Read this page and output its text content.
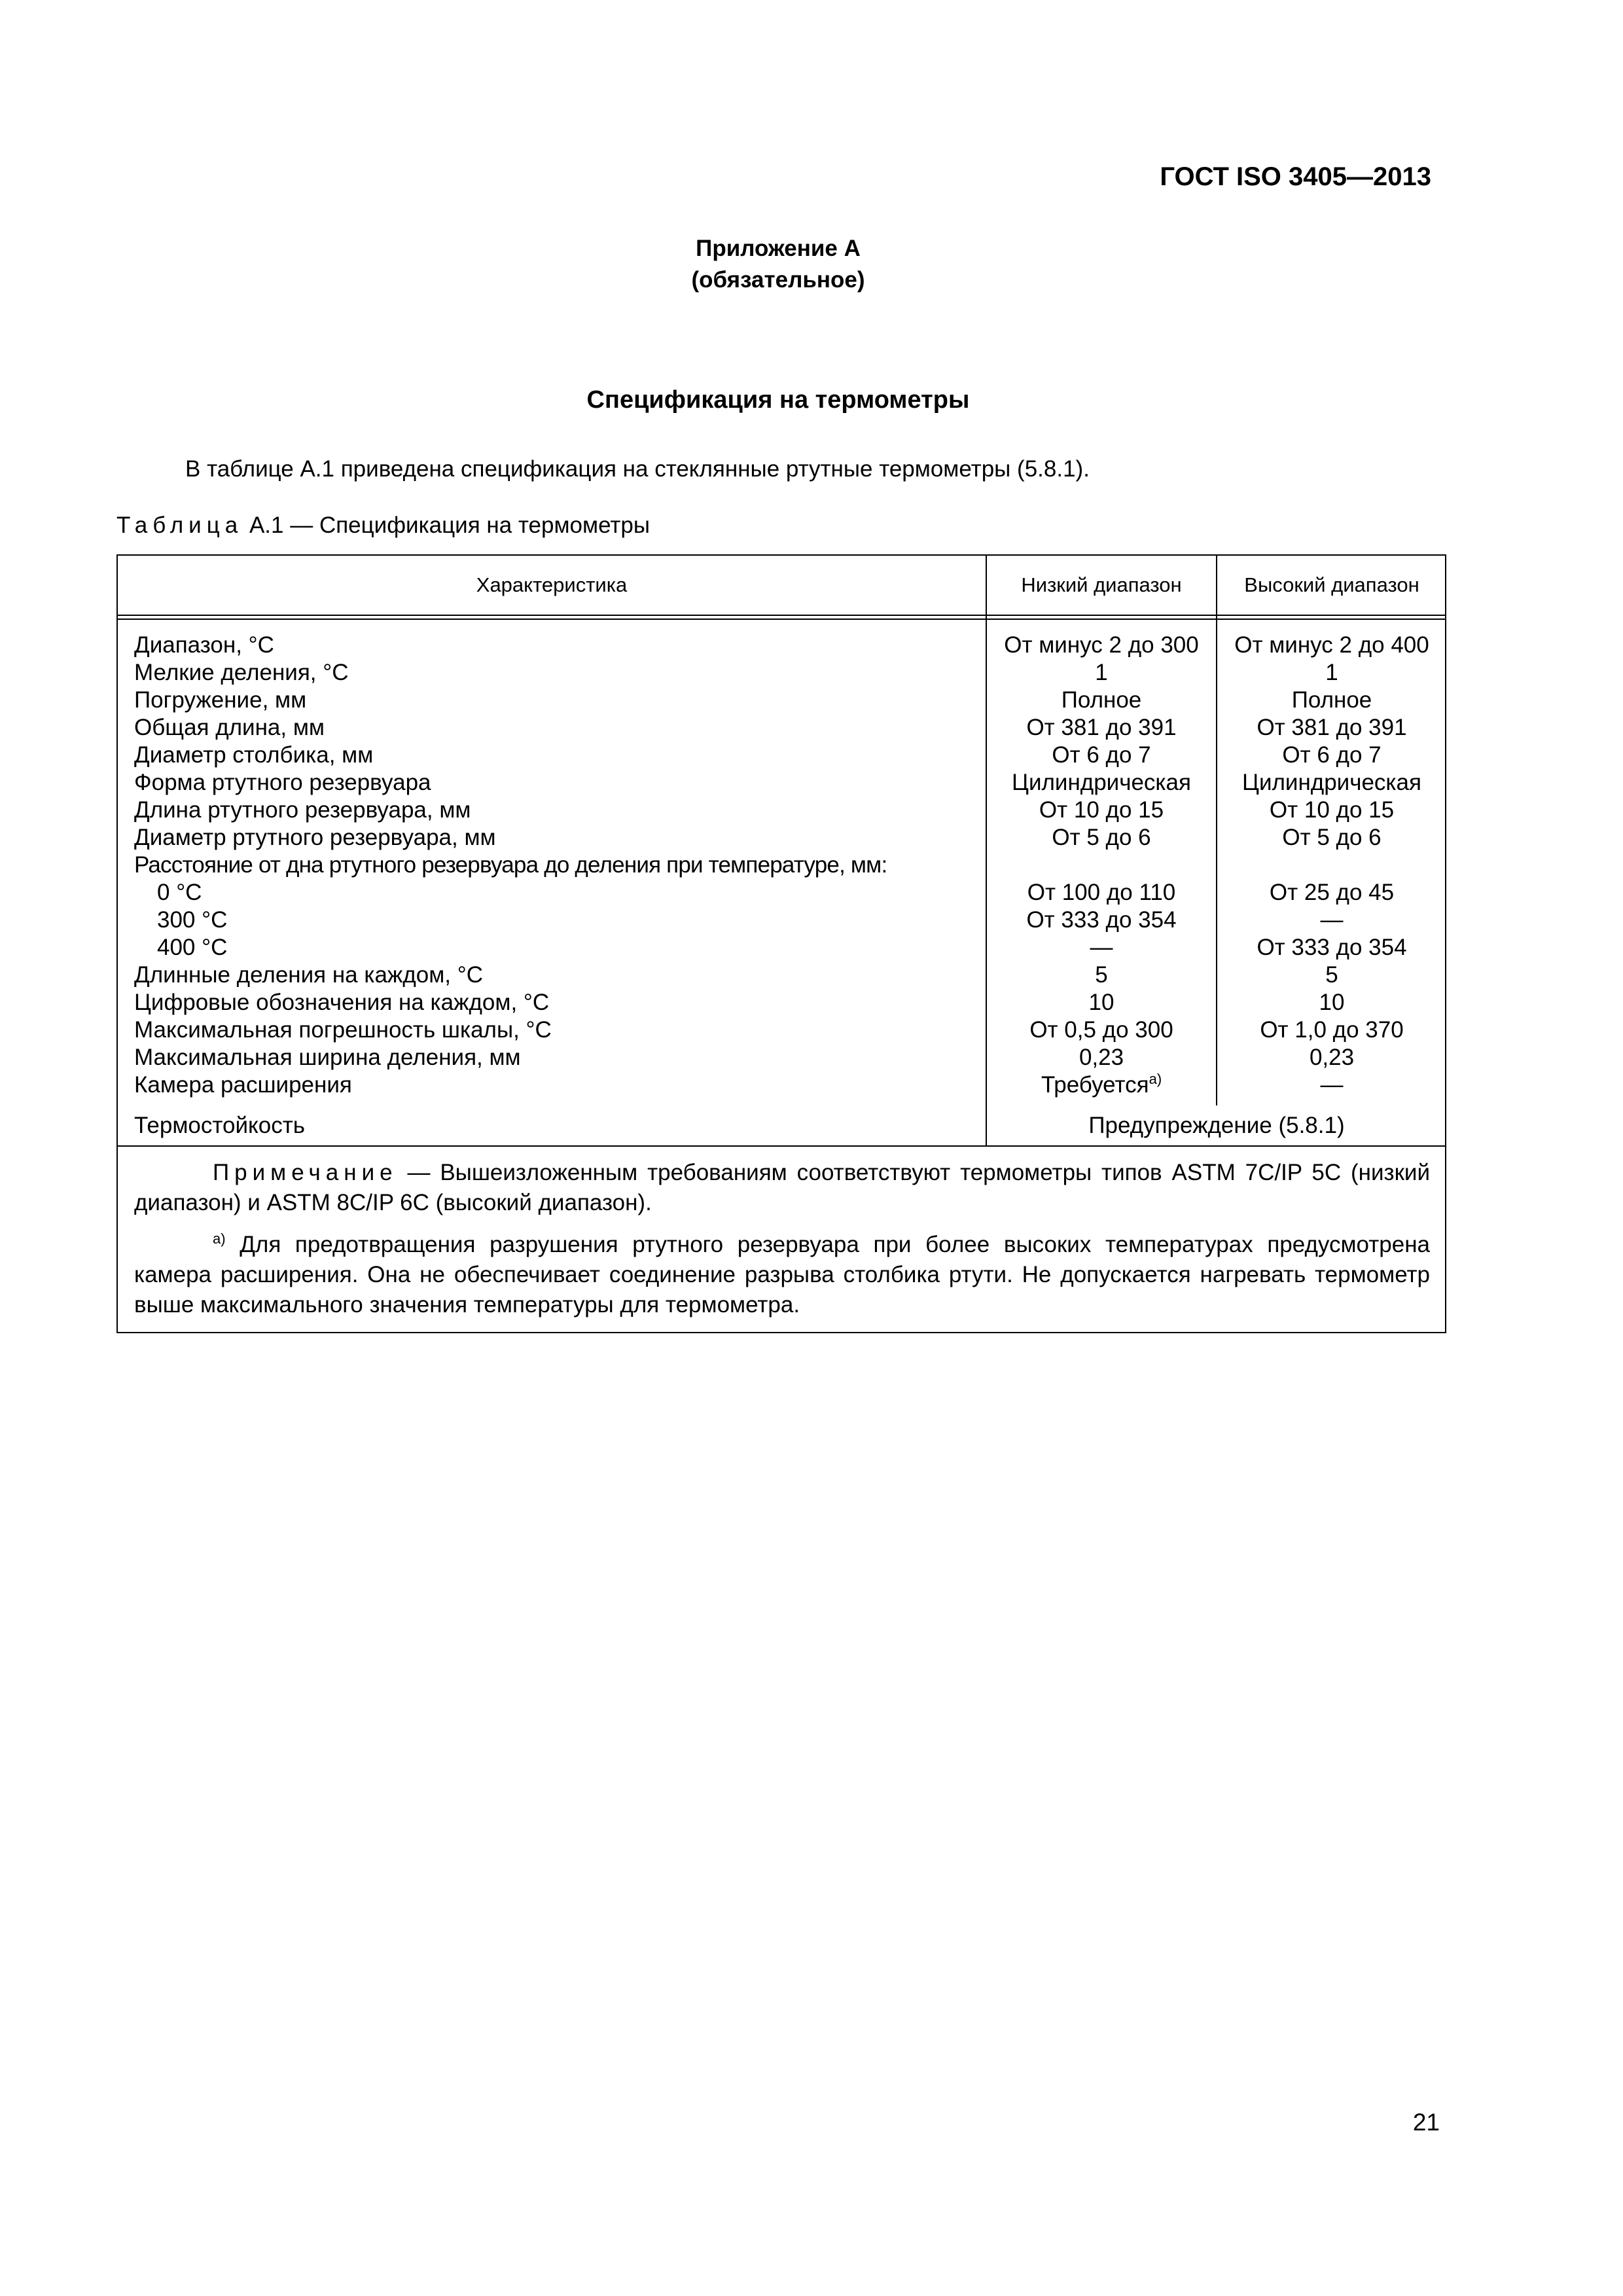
ГОСТ ISO 3405—2013
Приложение А
(обязательное)
Спецификация на термометры
В таблице А.1 приведена спецификация на стеклянные ртутные термометры (5.8.1).
Таблица А.1 — Спецификация на термометры
Характеристика	Низкий диапазон	Высокий диапазон
Диапазон, °С	От минус 2 до 300	От минус 2 до 400
Мелкие деления, °С	1	1
Погружение, мм	Полное	Полное
Общая длина, мм	От 381 до 391	От 381 до 391
Диаметр столбика, мм	От 6 до 7	От 6 до 7
Форма ртутного резервуара	Цилиндрическая	Цилиндрическая
Длина ртутного резервуара, мм	От 10 до 15	От 10 до 15
Диаметр ртутного резервуара, мм	От 5 до 6	От 5 до 6
Расстояние от дна ртутного резервуара до деления при температуре, мм:
0 °С	От 100 до 110	От 25 до 45
300 °С	От 333 до 354	—
400 °С	—	От 333 до 354
Длинные деления на каждом, °С	5	5
Цифровые обозначения на каждом, °С	10	10
Максимальная погрешность шкалы, °С	От 0,5 до 300	От 1,0 до 370
Максимальная ширина деления, мм	0,23	0,23
Камера расширения	Требуется$^{а)}$	—
Термостойкость	Предупреждение (5.8.1)
Примечание — Вышеизложенным требованиям соответствуют термометры типов ASTM 7C/IP 5C (низкий диапазон) и ASTM 8C/IP 6C (высокий диапазон).
$^{а)}$ Для предотвращения разрушения ртутного резервуара при более высоких температурах предусмотрена камера расширения. Она не обеспечивает соединение разрыва столбика ртути. Не допускается нагревать термометр выше максимального значения температуры для термометра.
21
